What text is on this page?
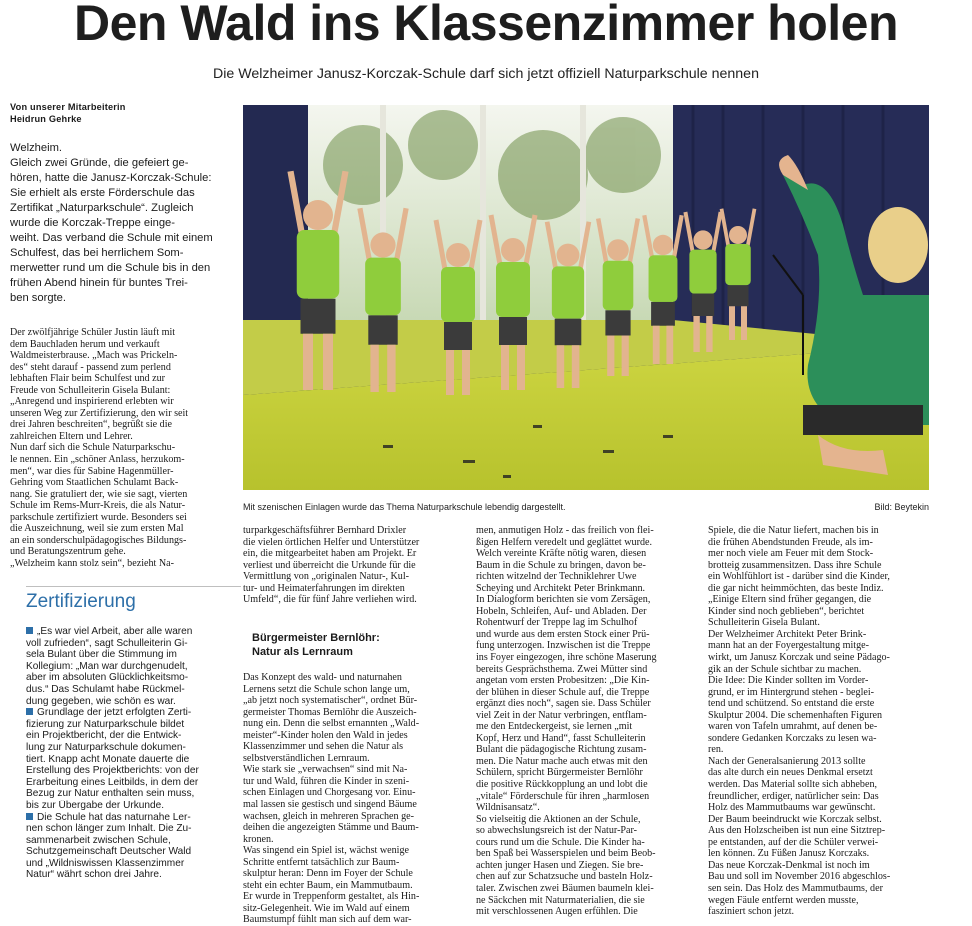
Den Wald ins Klassenzimmer holen
Die Welzheimer Janusz-Korczak-Schule darf sich jetzt offiziell Naturparkschule nennen
Von unserer Mitarbeiterin
Heidrun Gehrke
Welzheim.
Gleich zwei Gründe, die gefeiert ge-
hören, hatte die Janusz-Korczak-Schule:
Sie erhielt als erste Förderschule das
Zertifikat „Naturparkschule“. Zugleich
wurde die Korczak-Treppe einge-
weiht. Das verband die Schule mit einem
Schulfest, das bei herrlichem Som-
merwetter rund um die Schule bis in den
frühen Abend hinein für buntes Trei-
ben sorgte.
Der zwölfjährige Schüler Justin läuft mit
dem Bauchladen herum und verkauft
Waldmeisterbrause. „Mach was Prickeln-
des“ steht darauf - passend zum perlend
lebhaften Flair beim Schulfest und zur
Freude von Schulleiterin Gisela Bulant:
„Anregend und inspirierend erlebten wir
unseren Weg zur Zertifizierung, den wir seit
drei Jahren beschreiten“, begrüßt sie die
zahlreichen Eltern und Lehrer.
Nun darf sich die Schule Naturparkschu-
le nennen. Ein „schöner Anlass, herzukom-
men“, war dies für Sabine Hagenmüller-
Gehring vom Staatlichen Schulamt Back-
nang. Sie gratuliert der, wie sie sagt, vierten
Schule im Rems-Murr-Kreis, die als Natur-
parkschule zertifiziert wurde. Besonders sei
die Auszeichnung, weil sie zum ersten Mal
an ein sonderschulpädagogisches Bildungs-
und Beratungszentrum gehe.
„Welzheim kann stolz sein“, bezieht Na-
Zertifizierung
„Es war viel Arbeit, aber alle waren
voll zufrieden“, sagt Schulleiterin Gi-
sela Bulant über die Stimmung im
Kollegium: „Man war durchgenudelt,
aber im absoluten Glücklichkeitsmo-
dus.“ Das Schulamt habe Rückmel-
dung gegeben, wie schön es war.
Grundlage der jetzt erfolgten Zerti-
fizierung zur Naturparkschule bildet
ein Projektbericht, der die Entwick-
lung zur Naturparkschule dokumen-
tiert. Knapp acht Monate dauerte die
Erstellung des Projektberichts: von der
Erarbeitung eines Leitbilds, in dem der
Bezug zur Natur enthalten sein muss,
bis zur Übergabe der Urkunde.
Die Schule hat das naturnahe Ler-
nen schon länger zum Inhalt. Die Zu-
sammenarbeit zwischen Schule,
Schutzgemeinschaft Deutscher Wald
und „Wildniswissen Klassenzimmer
Natur“ währt schon drei Jahre.
Mit szenischen Einlagen wurde das Thema Naturparkschule lebendig dargestellt.	Bild: Beytekin
turparkgeschäftsführer Bernhard Drixler
die vielen örtlichen Helfer und Unterstützer
ein, die mitgearbeitet haben am Projekt. Er
verliest und überreicht die Urkunde für die
Vermittlung von „originalen Natur-, Kul-
tur- und Heimaterfahrungen im direkten
Umfeld“, die für fünf Jahre verliehen wird.
Bürgermeister Bernlöhr:
Natur als Lernraum
Das Konzept des wald- und naturnahen
Lernens setzt die Schule schon lange um,
„ab jetzt noch systematischer“, ordnet Bür-
germeister Thomas Bernlöhr die Auszeich-
nung ein. Denn die selbst ernannten „Wald-
meister“-Kinder holen den Wald in jedes
Klassenzimmer und sehen die Natur als
selbstverständlichen Lernraum.
Wie stark sie „verwachsen“ sind mit Na-
tur und Wald, führen die Kinder in szeni-
schen Einlagen und Chorgesang vor. Einu-
mal lassen sie gestisch und singend Bäume
wachsen, gleich in mehreren Sprachen ge-
deihen die angezeigten Stämme und Baum-
kronen.
Was singend ein Spiel ist, wächst wenige
Schritte entfernt tatsächlich zur Baum-
skulptur heran: Denn im Foyer der Schule
steht ein echter Baum, ein Mammutbaum.
Er wurde in Treppenform gestaltet, als Hin-
sitz-Gelegenheit. Wie im Wald auf einem
Baumstumpf fühlt man sich auf dem war-
men, anmutigen Holz - das freilich von flei-
ßigen Helfern veredelt und geglättet wurde.
Welch vereinte Kräfte nötig waren, diesen
Baum in die Schule zu bringen, davon be-
richten witzelnd der Techniklehrer Uwe
Scheying und Architekt Peter Brinkmann.
In Dialogform berichten sie vom Zersägen,
Hobeln, Schleifen, Auf- und Abladen. Der
Rohentwurf der Treppe lag im Schulhof
und wurde aus dem ersten Stock einer Prü-
fung unterzogen. Inzwischen ist die Treppe
ins Foyer eingezogen, ihre schöne Maserung
bereits Gesprächsthema. Zwei Mütter sind
angetan vom ersten Probesitzen: „Die Kin-
der blühen in dieser Schule auf, die Treppe
ergänzt dies noch“, sagen sie. Dass Schüler
viel Zeit in der Natur verbringen, entflam-
me den Entdeckergeist, sie lernen „mit
Kopf, Herz und Hand“, fasst Schulleiterin
Bulant die pädagogische Richtung zusam-
men. Die Natur mache auch etwas mit den
Schülern, spricht Bürgermeister Bernlöhr
die positive Rückkopplung an und lobt die
„vitale“ Förderschule für ihren „harmlosen
Wildnisansatz“.
So vielseitig die Aktionen an der Schule,
so abwechslungsreich ist der Natur-Par-
cours rund um die Schule. Die Kinder ha-
ben Spaß bei Wasserspielen und beim Beob-
achten junger Hasen und Ziegen. Sie bre-
chen auf zur Schatzsuche und basteln Holz-
taler. Zwischen zwei Bäumen baumeln klei-
ne Säckchen mit Naturmaterialien, die sie
mit verschlossenen Augen erfühlen. Die
Spiele, die die Natur liefert, machen bis in
die frühen Abendstunden Freude, als im-
mer noch viele am Feuer mit dem Stock-
brotteig zusammensitzen. Dass ihre Schule
ein Wohlfühlort ist - darüber sind die Kinder,
die gar nicht heimmöchten, das beste Indiz.
„Einige Eltern sind früher gegangen, die
Kinder sind noch geblieben“, berichtet
Schulleiterin Gisela Bulant.
Der Welzheimer Architekt Peter Brink-
mann hat an der Foyergestaltung mitge-
wirkt, um Janusz Korczak und seine Pädago-
gik an der Schule sichtbar zu machen.
Die Idee: Die Kinder sollten im Vorder-
grund, er im Hintergrund stehen - beglei-
tend und schützend. So entstand die erste
Skulptur 2004. Die schemenhaften Figuren
waren von Tafeln umrahmt, auf denen be-
sondere Gedanken Korczaks zu lesen wa-
ren.
Nach der Generalsanierung 2013 sollte
das alte durch ein neues Denkmal ersetzt
werden. Das Material sollte sich abheben,
freundlicher, erdiger, natürlicher sein: Das
Holz des Mammutbaums war gewünscht.
Der Baum beeindruckt wie Korczak selbst.
Aus den Holzscheiben ist nun eine Sitztrep-
pe entstanden, auf der die Schüler verwei-
len können. Zu Füßen Janusz Korczaks.
Das neue Korczak-Denkmal ist noch im
Bau und soll im November 2016 abgeschlos-
sen sein. Das Holz des Mammutbaums, der
wegen Fäule entfernt werden musste,
fasziniert schon jetzt.
